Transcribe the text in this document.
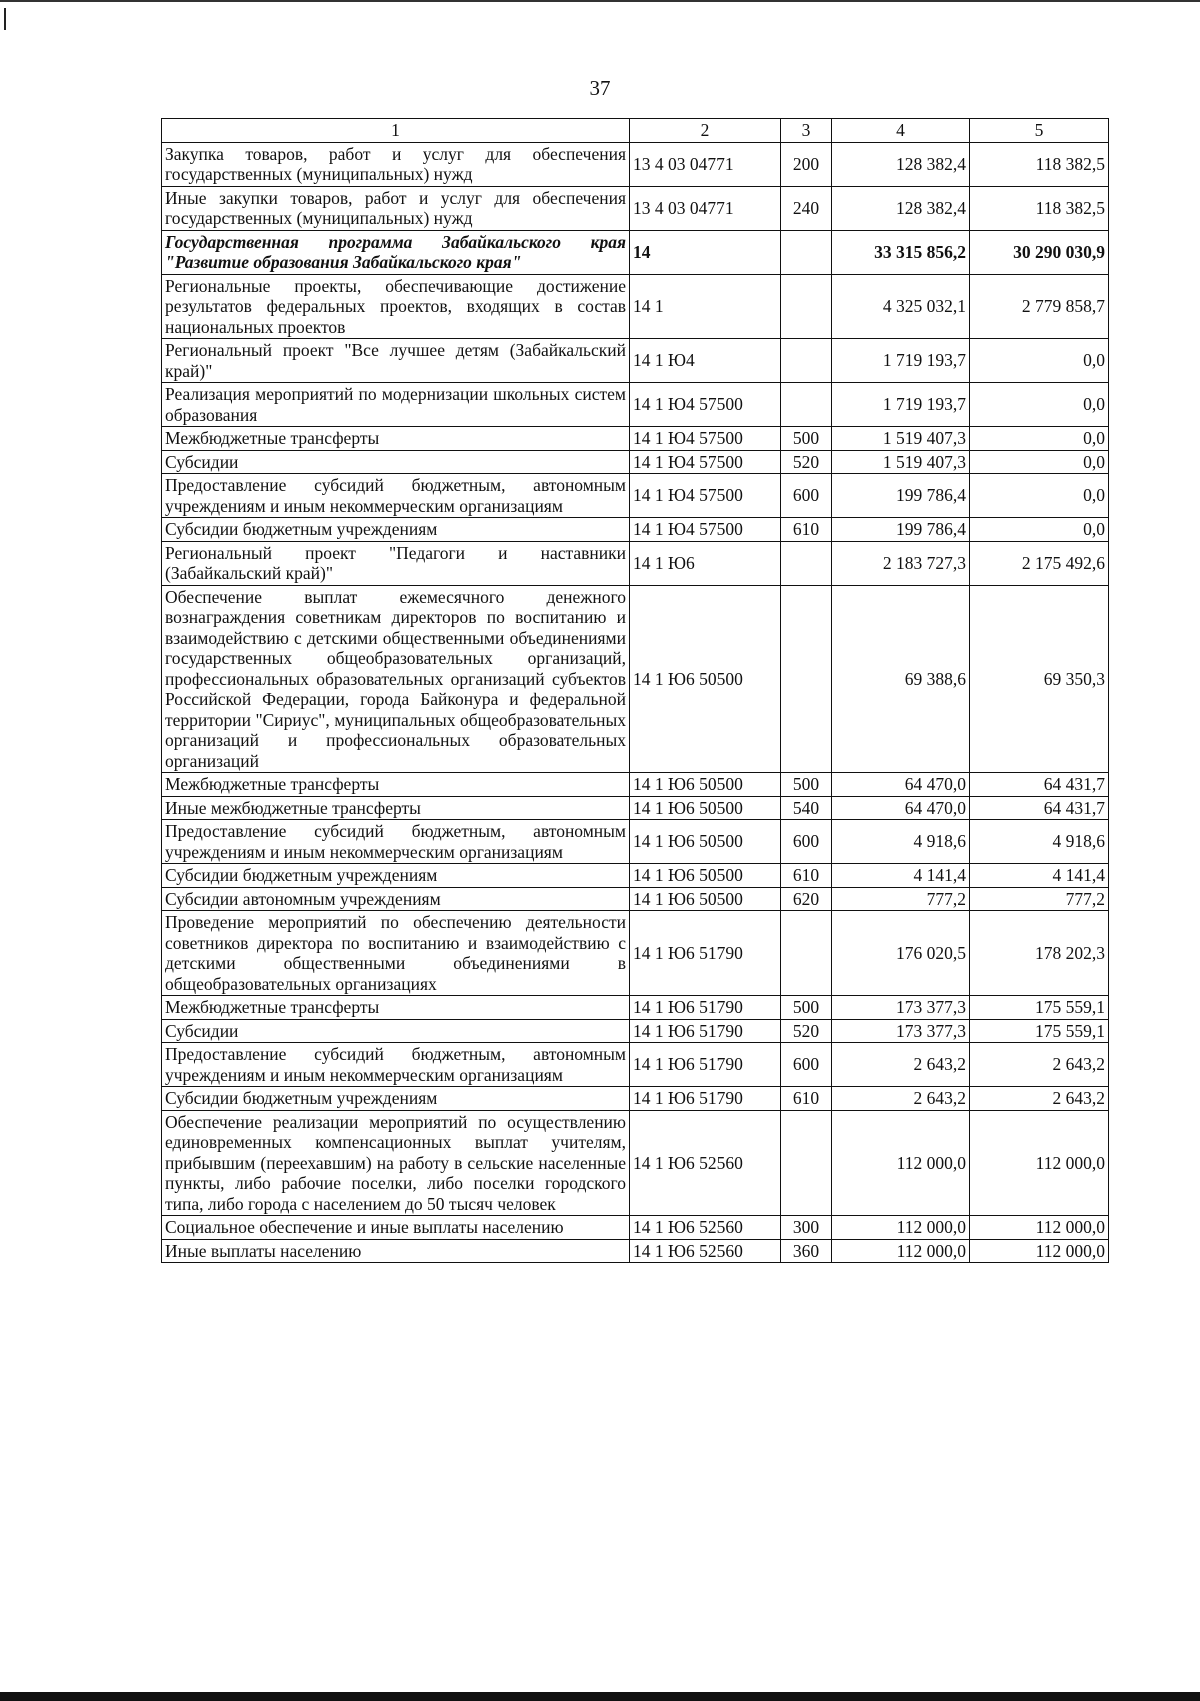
37
1	2	3	4	5
Закупка товаров, работ и услуг для обеспечения государственных (муниципальных) нужд	13 4 03 04771	200	128 382,4	118 382,5
Иные закупки товаров, работ и услуг для обеспечения государственных (муниципальных) нужд	13 4 03 04771	240	128 382,4	118 382,5
Государственная программа Забайкальского края "Развитие образования Забайкальского края"	14		33 315 856,2	30 290 030,9
Региональные проекты, обеспечивающие достижение результатов федеральных проектов, входящих в состав национальных проектов	14 1		4 325 032,1	2 779 858,7
Региональный проект "Все лучшее детям (Забайкальский край)"	14 1 Ю4		1 719 193,7	0,0
Реализация мероприятий по модернизации школьных систем образования	14 1 Ю4 57500		1 719 193,7	0,0
Межбюджетные трансферты	14 1 Ю4 57500	500	1 519 407,3	0,0
Субсидии	14 1 Ю4 57500	520	1 519 407,3	0,0
Предоставление субсидий бюджетным, автономным учреждениям и иным некоммерческим организациям	14 1 Ю4 57500	600	199 786,4	0,0
Субсидии бюджетным учреждениям	14 1 Ю4 57500	610	199 786,4	0,0
Региональный проект "Педагоги и наставники (Забайкальский край)"	14 1 Ю6		2 183 727,3	2 175 492,6
Обеспечение выплат ежемесячного денежного вознаграждения советникам директоров по воспитанию и взаимодействию с детскими общественными объединениями государственных общеобразовательных организаций, профессиональных образовательных организаций субъектов Российской Федерации, города Байконура и федеральной территории "Сириус", муниципальных общеобразовательных организаций и профессиональных образовательных организаций	14 1 Ю6 50500		69 388,6	69 350,3
Межбюджетные трансферты	14 1 Ю6 50500	500	64 470,0	64 431,7
Иные межбюджетные трансферты	14 1 Ю6 50500	540	64 470,0	64 431,7
Предоставление субсидий бюджетным, автономным учреждениям и иным некоммерческим организациям	14 1 Ю6 50500	600	4 918,6	4 918,6
Субсидии бюджетным учреждениям	14 1 Ю6 50500	610	4 141,4	4 141,4
Субсидии автономным учреждениям	14 1 Ю6 50500	620	777,2	777,2
Проведение мероприятий по обеспечению деятельности советников директора по воспитанию и взаимодействию с детскими общественными объединениями в общеобразовательных организациях	14 1 Ю6 51790		176 020,5	178 202,3
Межбюджетные трансферты	14 1 Ю6 51790	500	173 377,3	175 559,1
Субсидии	14 1 Ю6 51790	520	173 377,3	175 559,1
Предоставление субсидий бюджетным, автономным учреждениям и иным некоммерческим организациям	14 1 Ю6 51790	600	2 643,2	2 643,2
Субсидии бюджетным учреждениям	14 1 Ю6 51790	610	2 643,2	2 643,2
Обеспечение реализации мероприятий по осуществлению единовременных компенсационных выплат учителям, прибывшим (переехавшим) на работу в сельские населенные пункты, либо рабочие поселки, либо поселки городского типа, либо города с населением до 50 тысяч человек	14 1 Ю6 52560		112 000,0	112 000,0
Социальное обеспечение и иные выплаты населению	14 1 Ю6 52560	300	112 000,0	112 000,0
Иные выплаты населению	14 1 Ю6 52560	360	112 000,0	112 000,0
